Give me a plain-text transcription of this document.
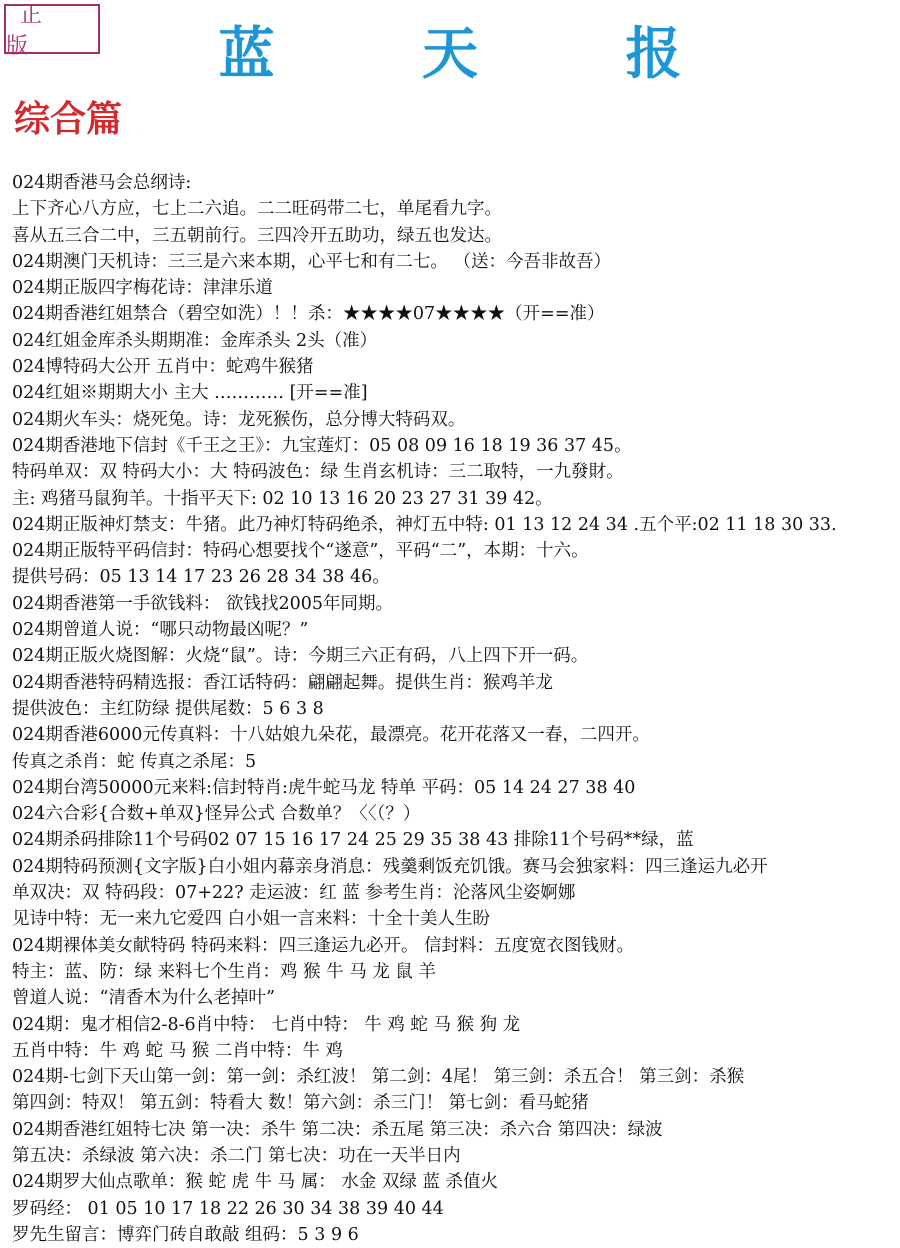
正 版	蓝 天 报
综合篇
024期香港马会总纲诗:
上下齐心八方应，七上二六追。二二旺码带二七，单尾看九字。
喜从五三合二中，三五朝前行。三四冷开五助功，绿五也发达。
024期澳门天机诗：三三是六来本期，心平七和有二七。 （送：今吾非故吾）
024期正版四字梅花诗：津津乐道
024期香港红姐禁合（碧空如洗）！！杀：★★★★07★★★★（开==准）
024红姐金库杀头期期准：金库杀头 2头（准）
024博特码大公开 五肖中：蛇鸡牛猴猪
024红姐※期期大小 主大 ………… [开==准]
024期火车头：烧死兔。诗：龙死猴伤，总分博大特码双。
024期香港地下信封《千王之王》：九宝莲灯：05 08 09 16 18 19 36 37 45。
特码单双：双 特码大小：大 特码波色：绿 生肖玄机诗：三二取特，一九發財。
主: 鸡猪马鼠狗羊。十指平天下: 02 10 13 16 20 23 27 31 39 42。
024期正版神灯禁支：牛猪。此乃神灯特码绝杀，神灯五中特: 01 13 12 24 34 .五个平:02 11 18 30 33.
024期正版特平码信封：特码心想要找个“遂意”，平码“二”，本期：十六。
提供号码：05 13 14 17 23 26 28 34 38 46。
024期香港第一手欲钱料： 欲钱找2005年同期。
024期曾道人说：“哪只动物最凶呢？”
024期正版火烧图解：火烧“鼠”。诗：今期三六正有码，八上四下开一码。
024期香港特码精选报：香江话特码：翩翩起舞。提供生肖：猴鸡羊龙
提供波色：主红防绿 提供尾数：5 6 3 8
024期香港6000元传真料：十八姑娘九朵花，最漂亮。花开花落又一春，二四开。
传真之杀肖：蛇 传真之杀尾：5
024期台湾50000元来料:信封特肖:虎牛蛇马龙 特单 平码：05 14 24 27 38 40
024六合彩{合数+单双}怪异公式 合数单？〈〈（？）
024期杀码排除11个号码02 07 15 16 17 24 25 29 35 38 43 排除11个号码**绿，蓝
024期特码预测{文字版}白小姐内幕亲身消息：残羹剩饭充饥饿。赛马会独家料：四三逢运九必开
单双决：双 特码段：07+22? 走运波：红 蓝 参考生肖：沦落风尘姿婀娜
见诗中特：无一来九它爱四 白小姐一言来料：十全十美人生盼
024期裸体美女献特码 特码来料：四三逢运九必开。 信封料：五度宽衣图钱财。
特主：蓝、防：绿 来料七个生肖：鸡 猴 牛 马 龙 鼠 羊
曾道人说：“清香木为什么老掉叶”
024期：鬼才相信2-8-6肖中特： 七肖中特： 牛 鸡 蛇 马 猴 狗 龙
五肖中特：牛 鸡 蛇 马 猴 二肖中特：牛 鸡
024期-七剑下天山第一剑：第一剑：杀红波！ 第二剑：4尾！ 第三剑：杀五合！ 第三剑：杀猴
第四剑：特双！ 第五剑：特看大 数！第六剑：杀三门！ 第七剑：看马蛇猪
024期香港红姐特七决 第一决：杀牛 第二决：杀五尾 第三决：杀六合 第四决：绿波
第五决：杀绿波 第六决：杀二门 第七决：功在一天半日内
024期罗大仙点歌单：猴 蛇 虎 牛 马 属： 水金 双绿 蓝 杀值火
罗码经： 01 05 10 17 18 22 26 30 34 38 39 40 44
罗先生留言：博弈门砖自敢敲 组码：5 3 9 6
